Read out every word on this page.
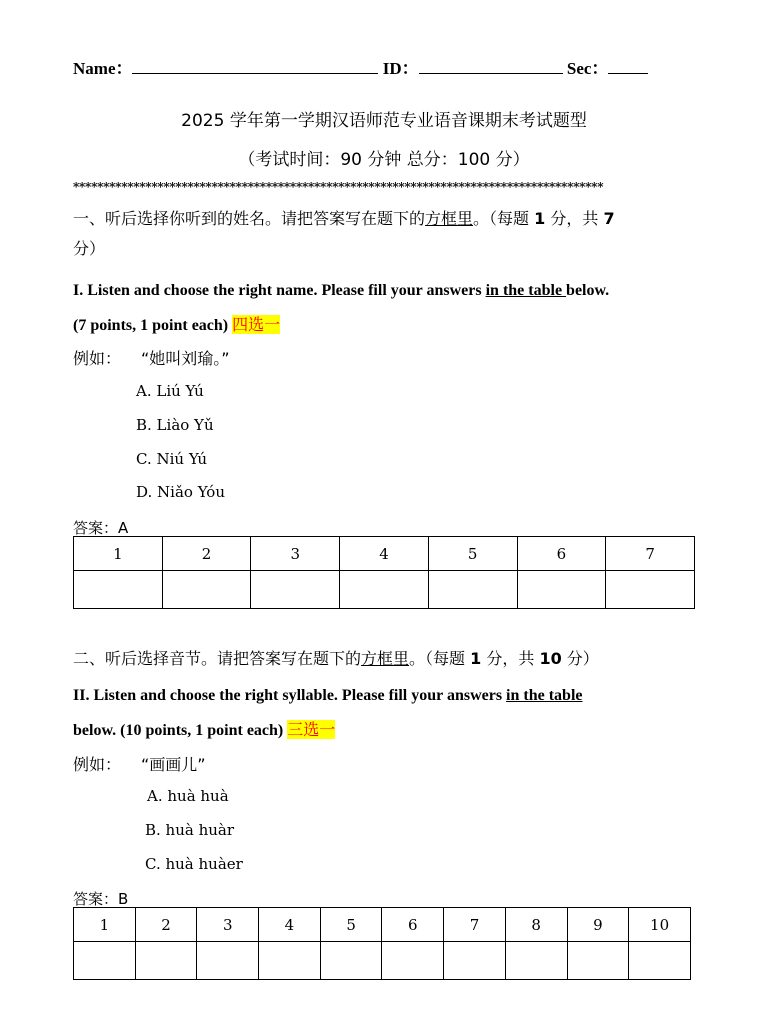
Name：	ID：	Sec：
2025 学年第一学期汉语师范专业语音课期末考试题型
（考试时间：90 分钟 总分：100 分）
****************************************************************************************
一、听后选择你听到的姓名。请把答案写在题下的方框里。（每题 1 分，共 7
分）
I. Listen and choose the right name. Please fill your answers in the table below.
(7 points, 1 point each) 四选一
例如： “她叫刘瑜。”
A. Liú Yú
B. Liào Yǔ
C. Niú Yú
D. Niǎo Yóu
答案：A
1	2	3	4	5	6	7

二、听后选择音节。请把答案写在题下的方框里。（每题 1 分，共 10 分）
II. Listen and choose the right syllable. Please fill your answers in the table
below. (10 points, 1 point each) 三选一
例如： “画画儿”
A. huà huà
B. huà huàr
C. huà huàer
答案：B
1	2	3	4	5	6	7	8	9	10
